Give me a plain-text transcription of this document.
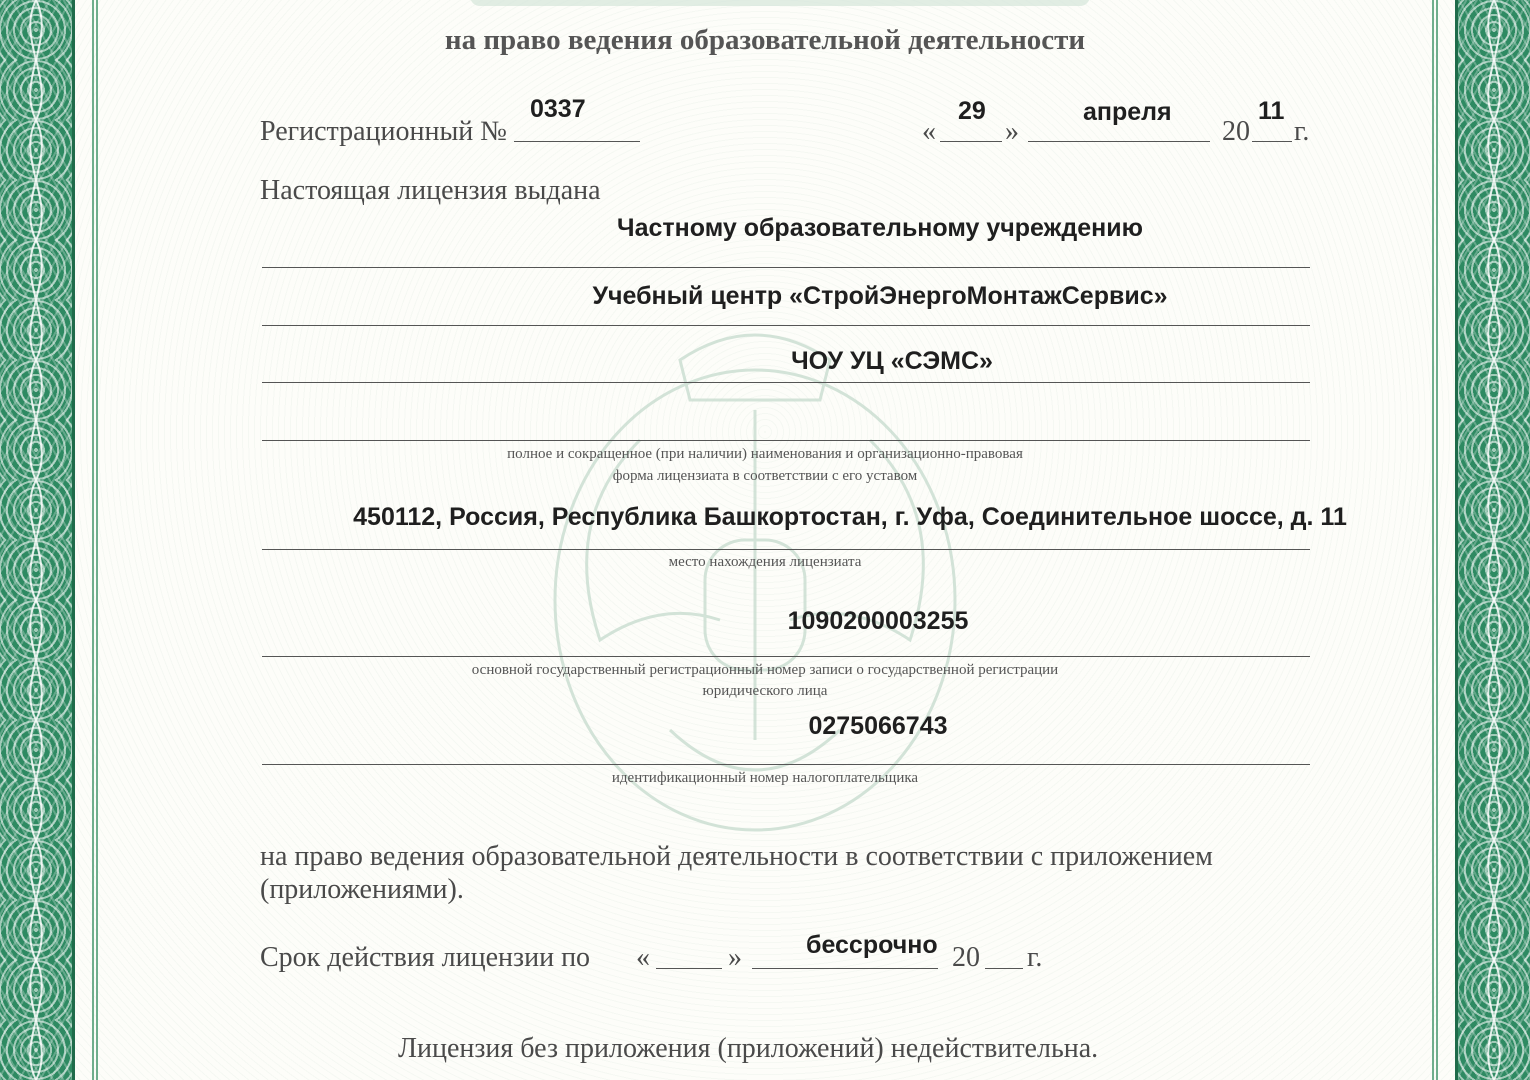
на право ведения образовательной деятельности
Регистрационный №
0337
«
29
»
апреля
20
11
г.
Настоящая лицензия выдана
Частному образовательному учреждению
Учебный центр «СтройЭнергоМонтажСервис»
ЧОУ УЦ «СЭМС»
полное и сокращенное (при наличии) наименования и организационно-правовая
форма лицензиата в соответствии с его уставом
450112, Россия, Республика Башкортостан, г. Уфа, Соединительное шоссе, д. 11
место нахождения лицензиата
1090200003255
основной государственный регистрационный номер записи о государственной регистрации
юридического лица
0275066743
идентификационный номер налогоплательщика
на право ведения образовательной деятельности в соответствии с приложением
(приложениями).
Срок действия лицензии по «	»	бессрочно 20 г.
Лицензия без приложения (приложений) недействительна.
